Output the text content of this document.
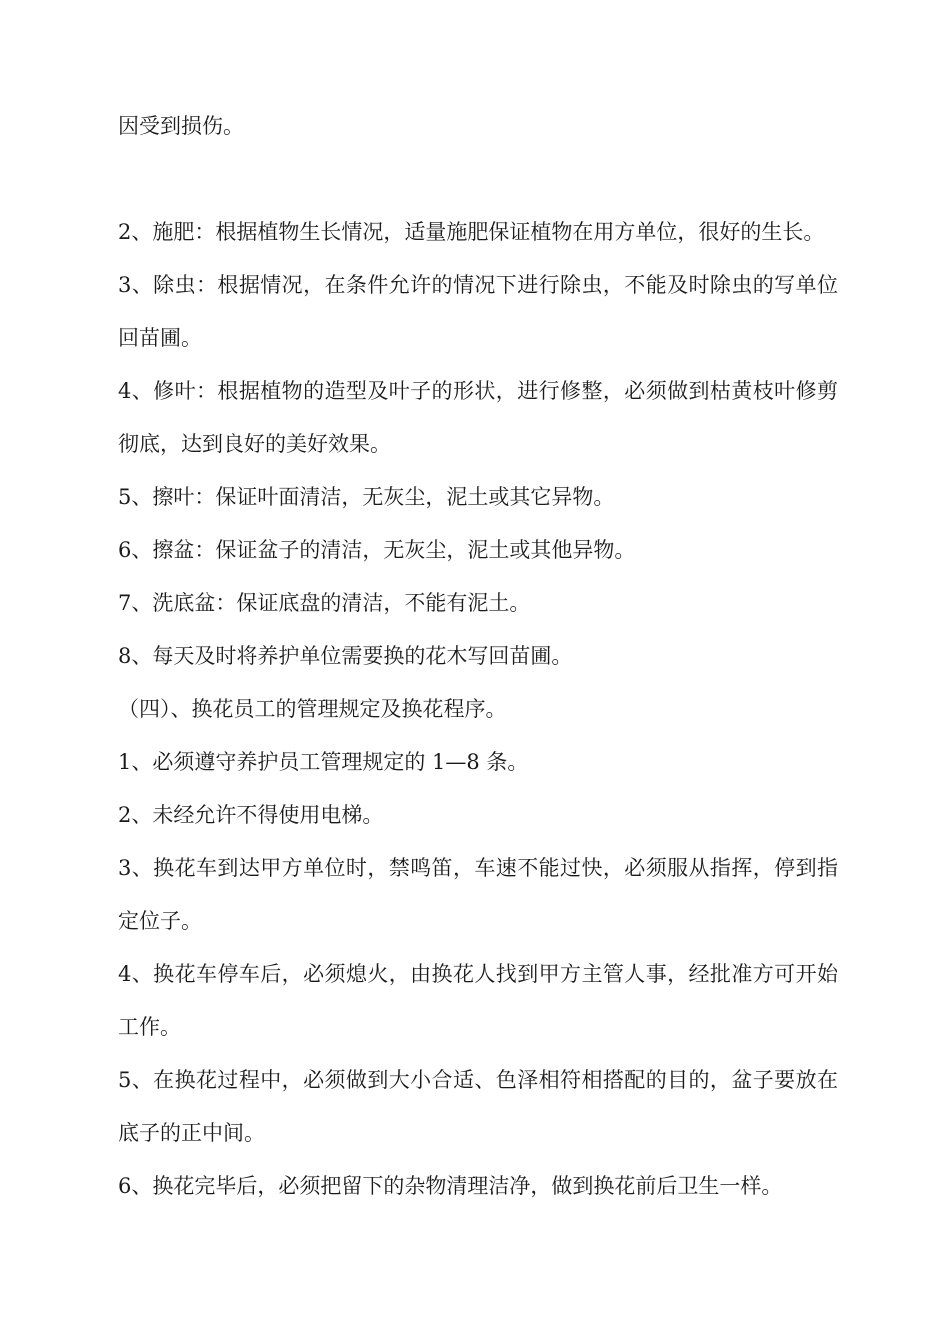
因受到损伤。

2、施肥：根据植物生长情况，适量施肥保证植物在用方单位，很好的生长。

3、除虫：根据情况，在条件允许的情况下进行除虫，不能及时除虫的写单位回苗圃。

4、修叶：根据植物的造型及叶子的形状，进行修整，必须做到枯黄枝叶修剪彻底，达到良好的美好效果。

5、擦叶：保证叶面清洁，无灰尘，泥土或其它异物。

6、擦盆：保证盆子的清洁，无灰尘，泥土或其他异物。

7、洗底盆：保证底盘的清洁，不能有泥土。

8、每天及时将养护单位需要换的花木写回苗圃。

（四）、换花员工的管理规定及换花程序。

1、必须遵守养护员工管理规定的 1—8 条。

2、未经允许不得使用电梯。

3、换花车到达甲方单位时，禁鸣笛，车速不能过快，必须服从指挥，停到指定位子。

4、换花车停车后，必须熄火，由换花人找到甲方主管人事，经批准方可开始工作。

5、在换花过程中，必须做到大小合适、色泽相符相搭配的目的，盆子要放在底子的正中间。

6、换花完毕后，必须把留下的杂物清理洁净，做到换花前后卫生一样。
